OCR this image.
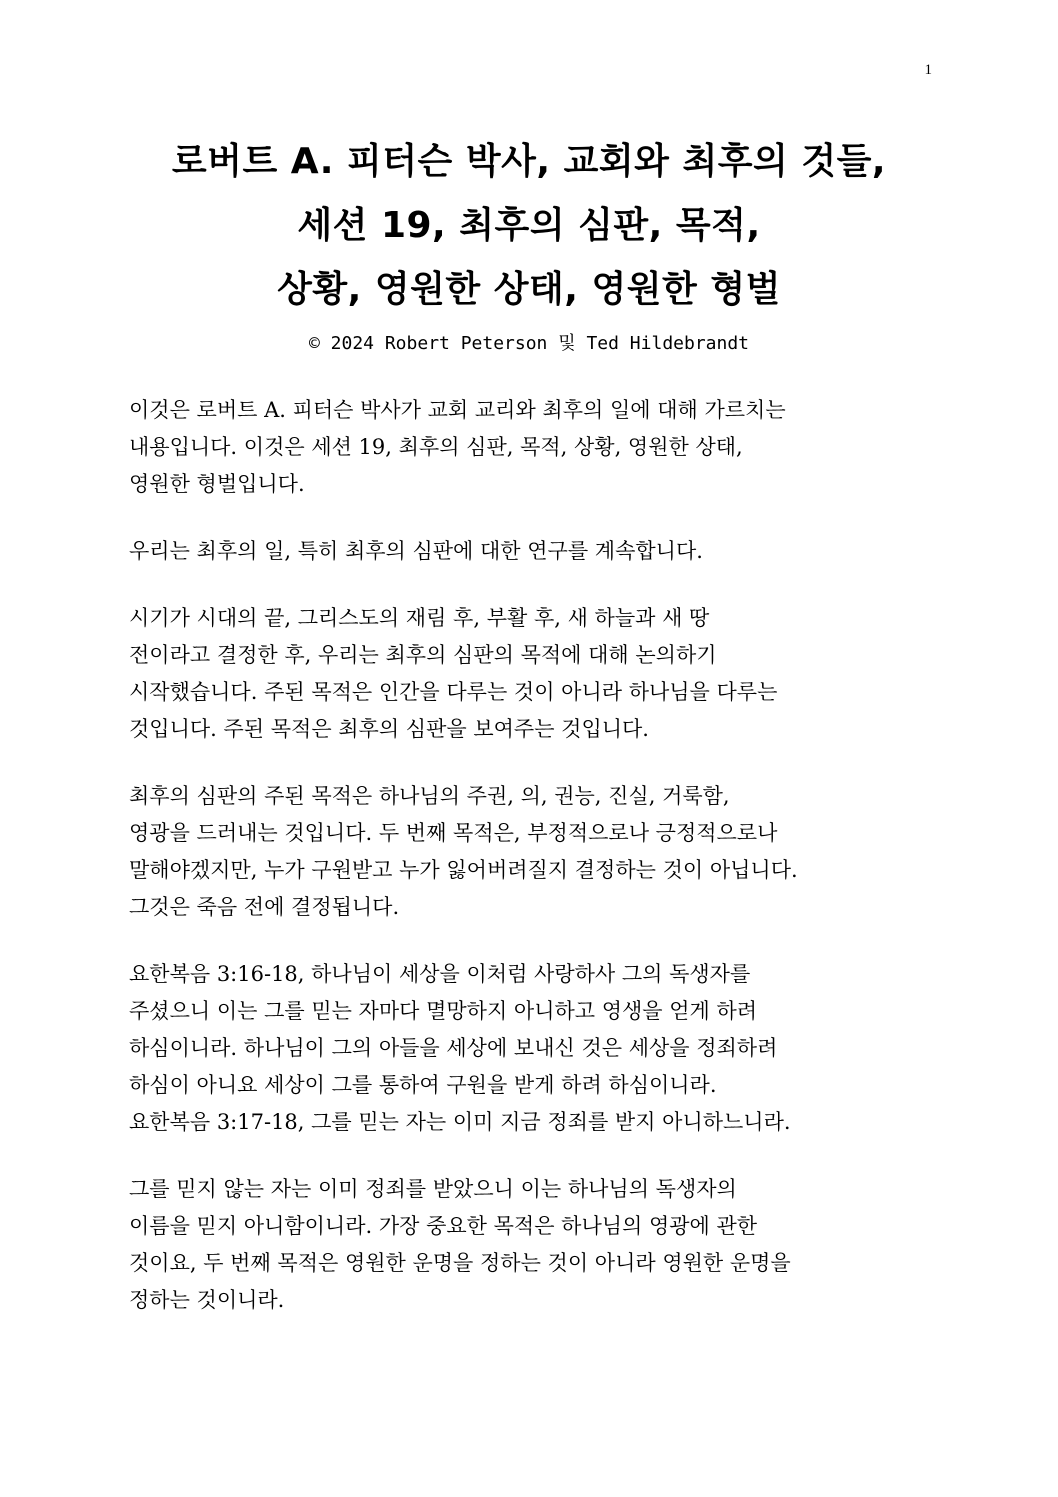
1
로버트 A. 피터슨 박사, 교회와 최후의 것들,
세션 19, 최후의 심판, 목적,
상황, 영원한 상태, 영원한 형벌
© 2024 Robert Peterson 및 Ted Hildebrandt

이것은 로버트 A. 피터슨 박사가 교회 교리와 최후의 일에 대해 가르치는
내용입니다. 이것은 세션 19, 최후의 심판, 목적, 상황, 영원한 상태,
영원한 형벌입니다.

우리는 최후의 일, 특히 최후의 심판에 대한 연구를 계속합니다.

시기가 시대의 끝, 그리스도의 재림 후, 부활 후, 새 하늘과 새 땅
전이라고 결정한 후, 우리는 최후의 심판의 목적에 대해 논의하기
시작했습니다. 주된 목적은 인간을 다루는 것이 아니라 하나님을 다루는
것입니다. 주된 목적은 최후의 심판을 보여주는 것입니다.

최후의 심판의 주된 목적은 하나님의 주권, 의, 권능, 진실, 거룩함,
영광을 드러내는 것입니다. 두 번째 목적은, 부정적으로나 긍정적으로나
말해야겠지만, 누가 구원받고 누가 잃어버려질지 결정하는 것이 아닙니다.
그것은 죽음 전에 결정됩니다.

요한복음 3:16-18, 하나님이 세상을 이처럼 사랑하사 그의 독생자를
주셨으니 이는 그를 믿는 자마다 멸망하지 아니하고 영생을 얻게 하려
하심이니라. 하나님이 그의 아들을 세상에 보내신 것은 세상을 정죄하려
하심이 아니요 세상이 그를 통하여 구원을 받게 하려 하심이니라.
요한복음 3:17-18, 그를 믿는 자는 이미 지금 정죄를 받지 아니하느니라.

그를 믿지 않는 자는 이미 정죄를 받았으니 이는 하나님의 독생자의
이름을 믿지 아니함이니라. 가장 중요한 목적은 하나님의 영광에 관한
것이요, 두 번째 목적은 영원한 운명을 정하는 것이 아니라 영원한 운명을
정하는 것이니라.
